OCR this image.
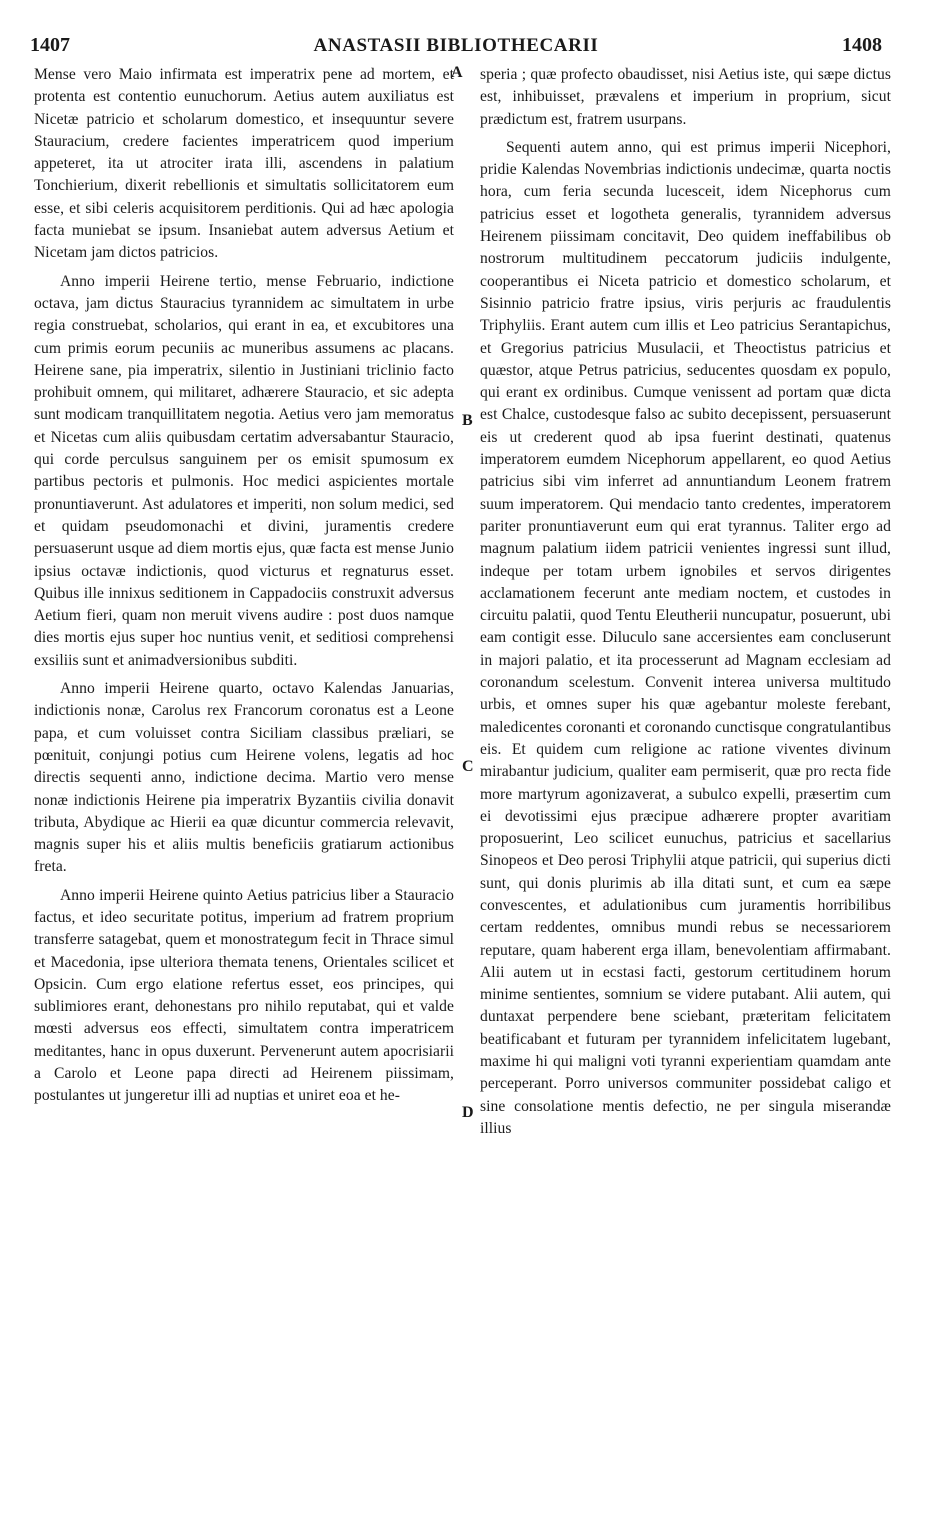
1407	ANASTASII BIBLIOTHECARII	1408
A
B
C
D

Mense vero Maio infirmata est imperatrix pene ad mortem, et protenta est contentio eunuchorum. Aetius autem auxiliatus est Nicetæ patricio et scholarum domestico, et insequuntur severe Stauracium, credere facientes imperatricem quod imperium appeteret, ita ut atrociter irata illi, ascendens in palatium Tonchierium, dixerit rebellionis et simultatis sollicitatorem eum esse, et sibi celeris acquisitorem perditionis. Qui ad hæc apologia facta muniebat se ipsum. Insaniebat autem adversus Aetium et Nicetam jam dictos patricios.

Anno imperii Heirene tertio, mense Februario, indictione octava, jam dictus Stauracius tyrannidem ac simultatem in urbe regia construebat, scholarios, qui erant in ea, et excubitores una cum primis eorum pecuniis ac muneribus assumens ac placans. Heirene sane, pia imperatrix, silentio in Justiniani triclinio facto prohibuit omnem, qui militaret, adhærere Stauracio, et sic adepta sunt modicam tranquillitatem negotia. Aetius vero jam memoratus et Nicetas cum aliis quibusdam certatim adversabantur Stauracio, qui corde perculsus sanguinem per os emisit spumosum ex partibus pectoris et pulmonis. Hoc medici aspicientes mortale pronuntiaverunt. Ast adulatores et imperiti, non solum medici, sed et quidam pseudomonachi et divini, juramentis credere persuaserunt usque ad diem mortis ejus, quæ facta est mense Junio ipsius octavæ indictionis, quod victurus et regnaturus esset. Quibus ille innixus seditionem in Cappadociis construxit adversus Aetium fieri, quam non meruit vivens audire : post duos namque dies mortis ejus super hoc nuntius venit, et seditiosi comprehensi exsiliis sunt et animadversionibus subditi.

Anno imperii Heirene quarto, octavo Kalendas Januarias, indictionis nonæ, Carolus rex Francorum coronatus est a Leone papa, et cum voluisset contra Siciliam classibus præliari, se pœnituit, conjungi potius cum Heirene volens, legatis ad hoc directis sequenti anno, indictione decima. Martio vero mense nonæ indictionis Heirene pia imperatrix Byzantiis civilia donavit tributa, Abydique ac Hierii ea quæ dicuntur commercia relevavit, magnis super his et aliis multis beneficiis gratiarum actionibus freta.

Anno imperii Heirene quinto Aetius patricius liber a Stauracio factus, et ideo securitate potitus, imperium ad fratrem proprium transferre satagebat, quem et monostrategum fecit in Thrace simul et Macedonia, ipse ulteriora themata tenens, Orientales scilicet et Opsicin. Cum ergo elatione refertus esset, eos principes, qui sublimiores erant, dehonestans pro nihilo reputabat, qui et valde mœsti adversus eos effecti, simultatem contra imperatricem meditantes, hanc in opus duxerunt. Pervenerunt autem apocrisiarii a Carolo et Leone papa directi ad Heirenem piissimam, postulantes ut jungeretur illi ad nuptias et uniret eoa et he-

speria ; quæ profecto obaudisset, nisi Aetius iste, qui sæpe dictus est, inhibuisset, prævalens et imperium in proprium, sicut prædictum est, fratrem usurpans.

Sequenti autem anno, qui est primus imperii Nicephori, pridie Kalendas Novembrias indictionis undecimæ, quarta noctis hora, cum feria secunda lucesceit, idem Nicephorus cum patricius esset et logotheta generalis, tyrannidem adversus Heirenem piissimam concitavit, Deo quidem ineffabilibus ob nostrorum multitudinem peccatorum judiciis indulgente, cooperantibus ei Niceta patricio et domestico scholarum, et Sisinnio patricio fratre ipsius, viris perjuris ac fraudulentis Triphyliis. Erant autem cum illis et Leo patricius Serantapichus, et Gregorius patricius Musulacii, et Theoctistus patricius et quæstor, atque Petrus patricius, seducentes quosdam ex populo, qui erant ex ordinibus. Cumque venissent ad portam quæ dicta est Chalce, custodesque falso ac subito decepissent, persuaserunt eis ut crederent quod ab ipsa fuerint destinati, quatenus imperatorem eumdem Nicephorum appellarent, eo quod Aetius patricius sibi vim inferret ad annuntiandum Leonem fratrem suum imperatorem. Qui mendacio tanto credentes, imperatorem pariter pronuntiaverunt eum qui erat tyrannus. Taliter ergo ad magnum palatium iidem patricii venientes ingressi sunt illud, indeque per totam urbem ignobiles et servos dirigentes acclamationem fecerunt ante mediam noctem, et custodes in circuitu palatii, quod Tentu Eleutherii nuncupatur, posuerunt, ubi eam contigit esse. Diluculo sane accersientes eam concluserunt in majori palatio, et ita processerunt ad Magnam ecclesiam ad coronandum scelestum. Convenit interea universa multitudo urbis, et omnes super his quæ agebantur moleste ferebant, maledicentes coronanti et coronando cunctisque congratulantibus eis. Et quidem cum religione ac ratione viventes divinum mirabantur judicium, qualiter eam permiserit, quæ pro recta fide more martyrum agonizaverat, a subulco expelli, præsertim cum ei devotissimi ejus præcipue adhærere propter avaritiam proposuerint, Leo scilicet eunuchus, patricius et sacellarius Sinopeos et Deo perosi Triphylii atque patricii, qui superius dicti sunt, qui donis plurimis ab illa ditati sunt, et cum ea sæpe convescentes, et adulationibus cum juramentis horribilibus certam reddentes, omnibus mundi rebus se necessariorem reputare, quam haberent erga illam, benevolentiam affirmabant. Alii autem ut in ecstasi facti, gestorum certitudinem horum minime sentientes, somnium se videre putabant. Alii autem, qui duntaxat perpendere bene sciebant, præteritam felicitatem beatificabant et futuram per tyrannidem infelicitatem lugebant, maxime hi qui maligni voti tyranni experientiam quamdam ante perceperant. Porro universos communiter possidebat caligo et sine consolatione mentis defectio, ne per singula miserandæ illius
